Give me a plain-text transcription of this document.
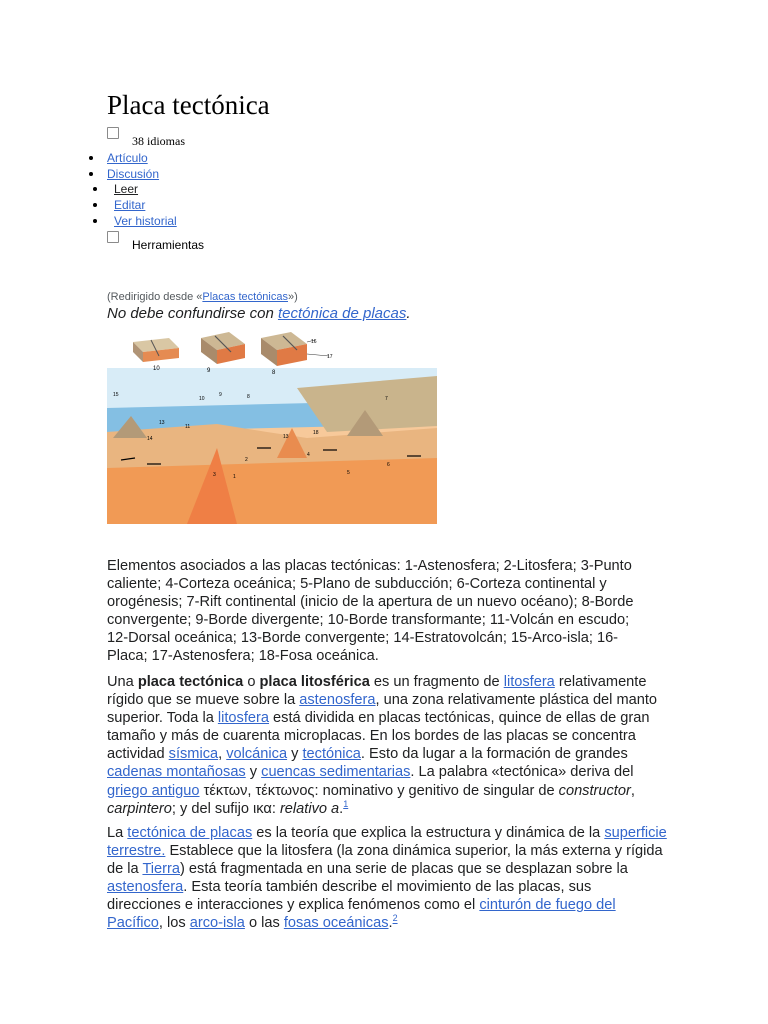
Placa tectónica
38 idiomas
Artículo
Discusión
Leer
Editar
Ver historial
Herramientas
(Redirigido desde «Placas tectónicas»)
No debe confundirse con tectónica de placas.
10	9	8
16
17
15
13
14
11
10
9	8
13
18
3	1
2
4
5
6
7

Elementos asociados a las placas tectónicas: 1-Astenosfera; 2-Litosfera; 3-Punto caliente; 4-Corteza oceánica; 5-Plano de subducción; 6-Corteza continental y orogénesis; 7-Rift continental (inicio de la apertura de un nuevo océano); 8-Borde convergente; 9-Borde divergente; 10-Borde transformante; 11-Volcán en escudo; 12-Dorsal oceánica; 13-Borde convergente; 14-Estratovolcán; 15-Arco-isla; 16-Placa; 17-Astenosfera; 18-Fosa oceánica.

Una placa tectónica o placa litosférica es un fragmento de litosfera relativamente rígido que se mueve sobre la astenosfera, una zona relativamente plástica del manto superior. Toda la litosfera está dividida en placas tectónicas, quince de ellas de gran tamaño y más de cuarenta microplacas. En los bordes de las placas se concentra actividad sísmica, volcánica y tectónica. Esto da lugar a la formación de grandes cadenas montañosas y cuencas sedimentarias. La palabra «tectónica» deriva del griego antiguo τέκτων, τέκτωνος: nominativo y genitivo de singular de constructor, carpintero; y del sufijo ικα: relativo a.$^1$

La tectónica de placas es la teoría que explica la estructura y dinámica de la superficie terrestre. Establece que la litosfera (la zona dinámica superior, la más externa y rígida de la Tierra) está fragmentada en una serie de placas que se desplazan sobre la astenosfera. Esta teoría también describe el movimiento de las placas, sus direcciones e interacciones y explica fenómenos como el cinturón de fuego del Pacífico, los arco-isla o las fosas oceánicas.$^2$
